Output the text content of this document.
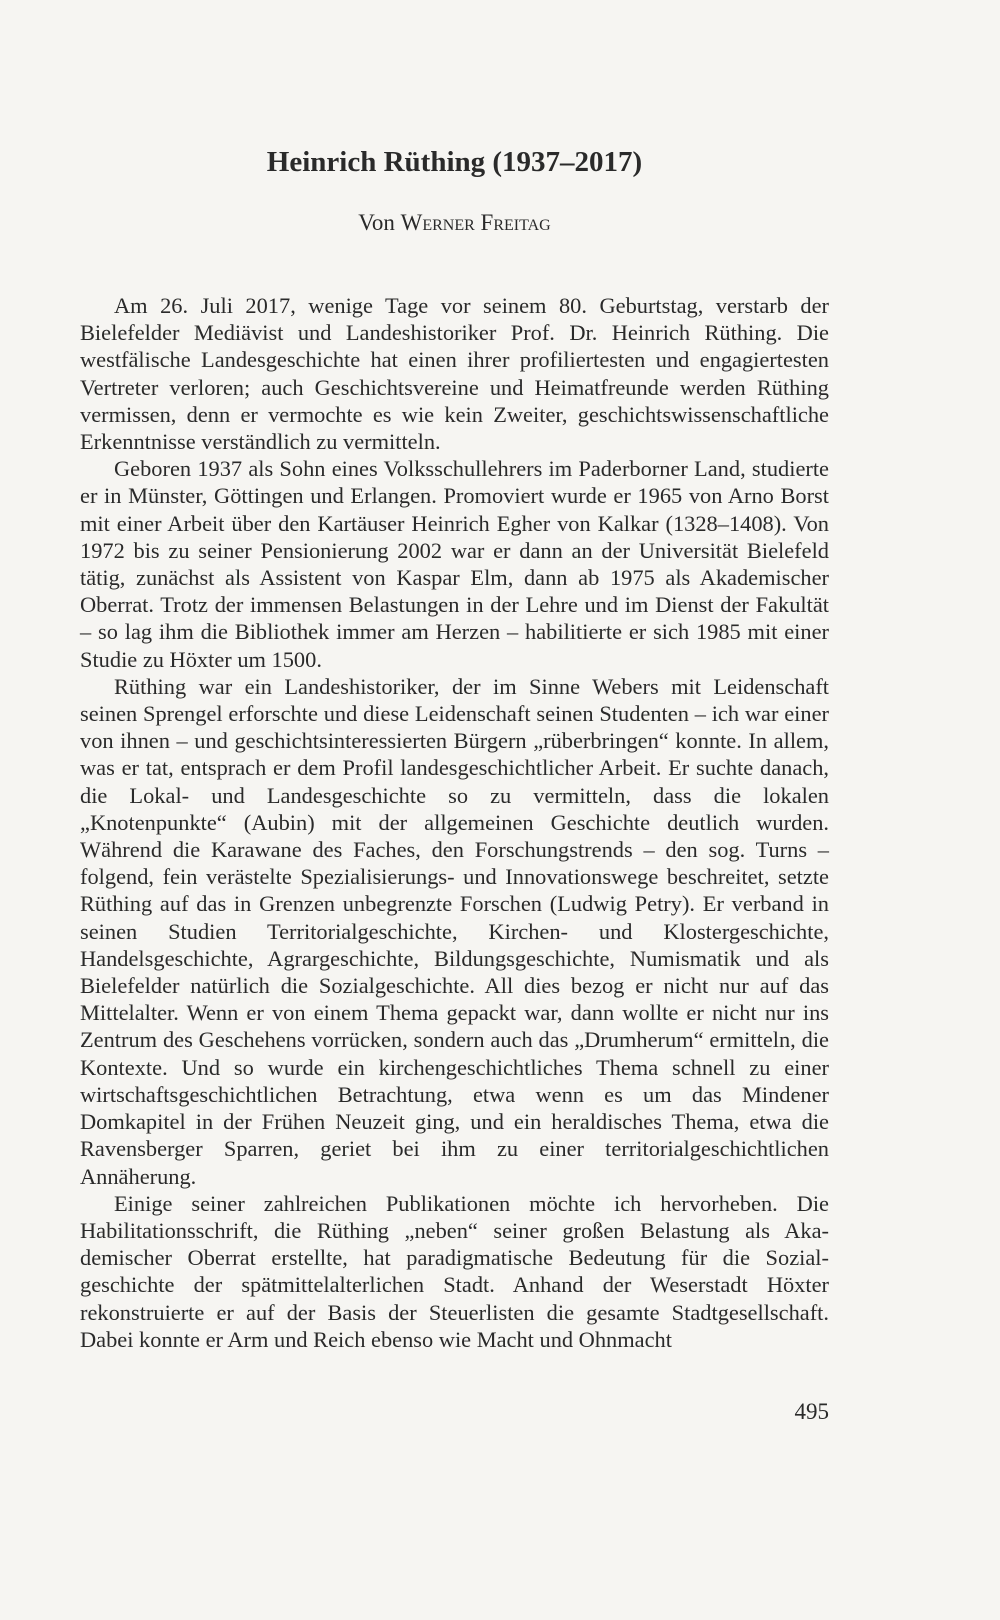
Heinrich Rüthing (1937–2017)
Von Werner Freitag

Am 26. Juli 2017, wenige Tage vor seinem 80. Geburtstag, verstarb der Bielefelder Mediävist und Landeshistoriker Prof. Dr. Heinrich Rüthing. Die westfälische Landesgeschichte hat einen ihrer profiliertesten und engagiertesten Vertreter verloren; auch Geschichtsvereine und Heimatfreunde werden Rüthing vermissen, denn er vermochte es wie kein Zweiter, geschichtswissenschaftliche Erkenntnisse verständlich zu vermitteln.

Geboren 1937 als Sohn eines Volksschullehrers im Paderborner Land, studierte er in Münster, Göttingen und Erlangen. Promoviert wurde er 1965 von Arno Borst mit einer Arbeit über den Kartäuser Heinrich Egher von Kalkar (1328–1408). Von 1972 bis zu seiner Pensionierung 2002 war er dann an der Universität Bielefeld tätig, zunächst als Assistent von Kaspar Elm, dann ab 1975 als Akademischer Oberrat. Trotz der immensen Belastungen in der Lehre und im Dienst der Fakultät – so lag ihm die Bibliothek immer am Herzen – habilitierte er sich 1985 mit einer Studie zu Höxter um 1500.

Rüthing war ein Landeshistoriker, der im Sinne Webers mit Leidenschaft seinen Sprengel erforschte und diese Leidenschaft seinen Studenten – ich war einer von ihnen – und geschichtsinteressierten Bürgern „rüberbringen“ konnte. In allem, was er tat, entsprach er dem Profil landesgeschichtlicher Arbeit. Er suchte danach, die Lokal- und Landesgeschichte so zu vermitteln, dass die lokalen „Knotenpunkte“ (Aubin) mit der allgemeinen Geschichte deutlich wurden. Während die Karawane des Faches, den Forschungstrends – den sog. Turns – folgend, fein verästelte Spezialisierungs- und Innovationswege beschreitet, setzte Rüthing auf das in Grenzen unbegrenzte Forschen (Ludwig Petry). Er verband in seinen Studien Territorialgeschichte, Kirchen- und Klostergeschichte, Handelsgeschichte, Agrargeschichte, Bildungsgeschichte, Numismatik und als Bielefelder natürlich die Sozialgeschichte. All dies bezog er nicht nur auf das Mittelalter. Wenn er von einem Thema gepackt war, dann wollte er nicht nur ins Zentrum des Geschehens vorrücken, sondern auch das „Drumherum“ ermitteln, die Kontexte. Und so wurde ein kirchengeschichtliches Thema schnell zu einer wirtschaftsgeschichtlichen Betrachtung, etwa wenn es um das Mindener Domkapitel in der Frühen Neuzeit ging, und ein heraldisches Thema, etwa die Ravensberger Sparren, geriet bei ihm zu einer territorialgeschichtlichen Annäherung.

Einige seiner zahlreichen Publikationen möchte ich hervorheben. Die Habilitationsschrift, die Rüthing „neben“ seiner großen Belastung als Akademischer Oberrat erstellte, hat paradigmatische Bedeutung für die Sozialgeschichte der spätmittelalterlichen Stadt. Anhand der Weserstadt Höxter rekonstruierte er auf der Basis der Steuerlisten die gesamte Stadtgesellschaft. Dabei konnte er Arm und Reich ebenso wie Macht und Ohnmacht

495
